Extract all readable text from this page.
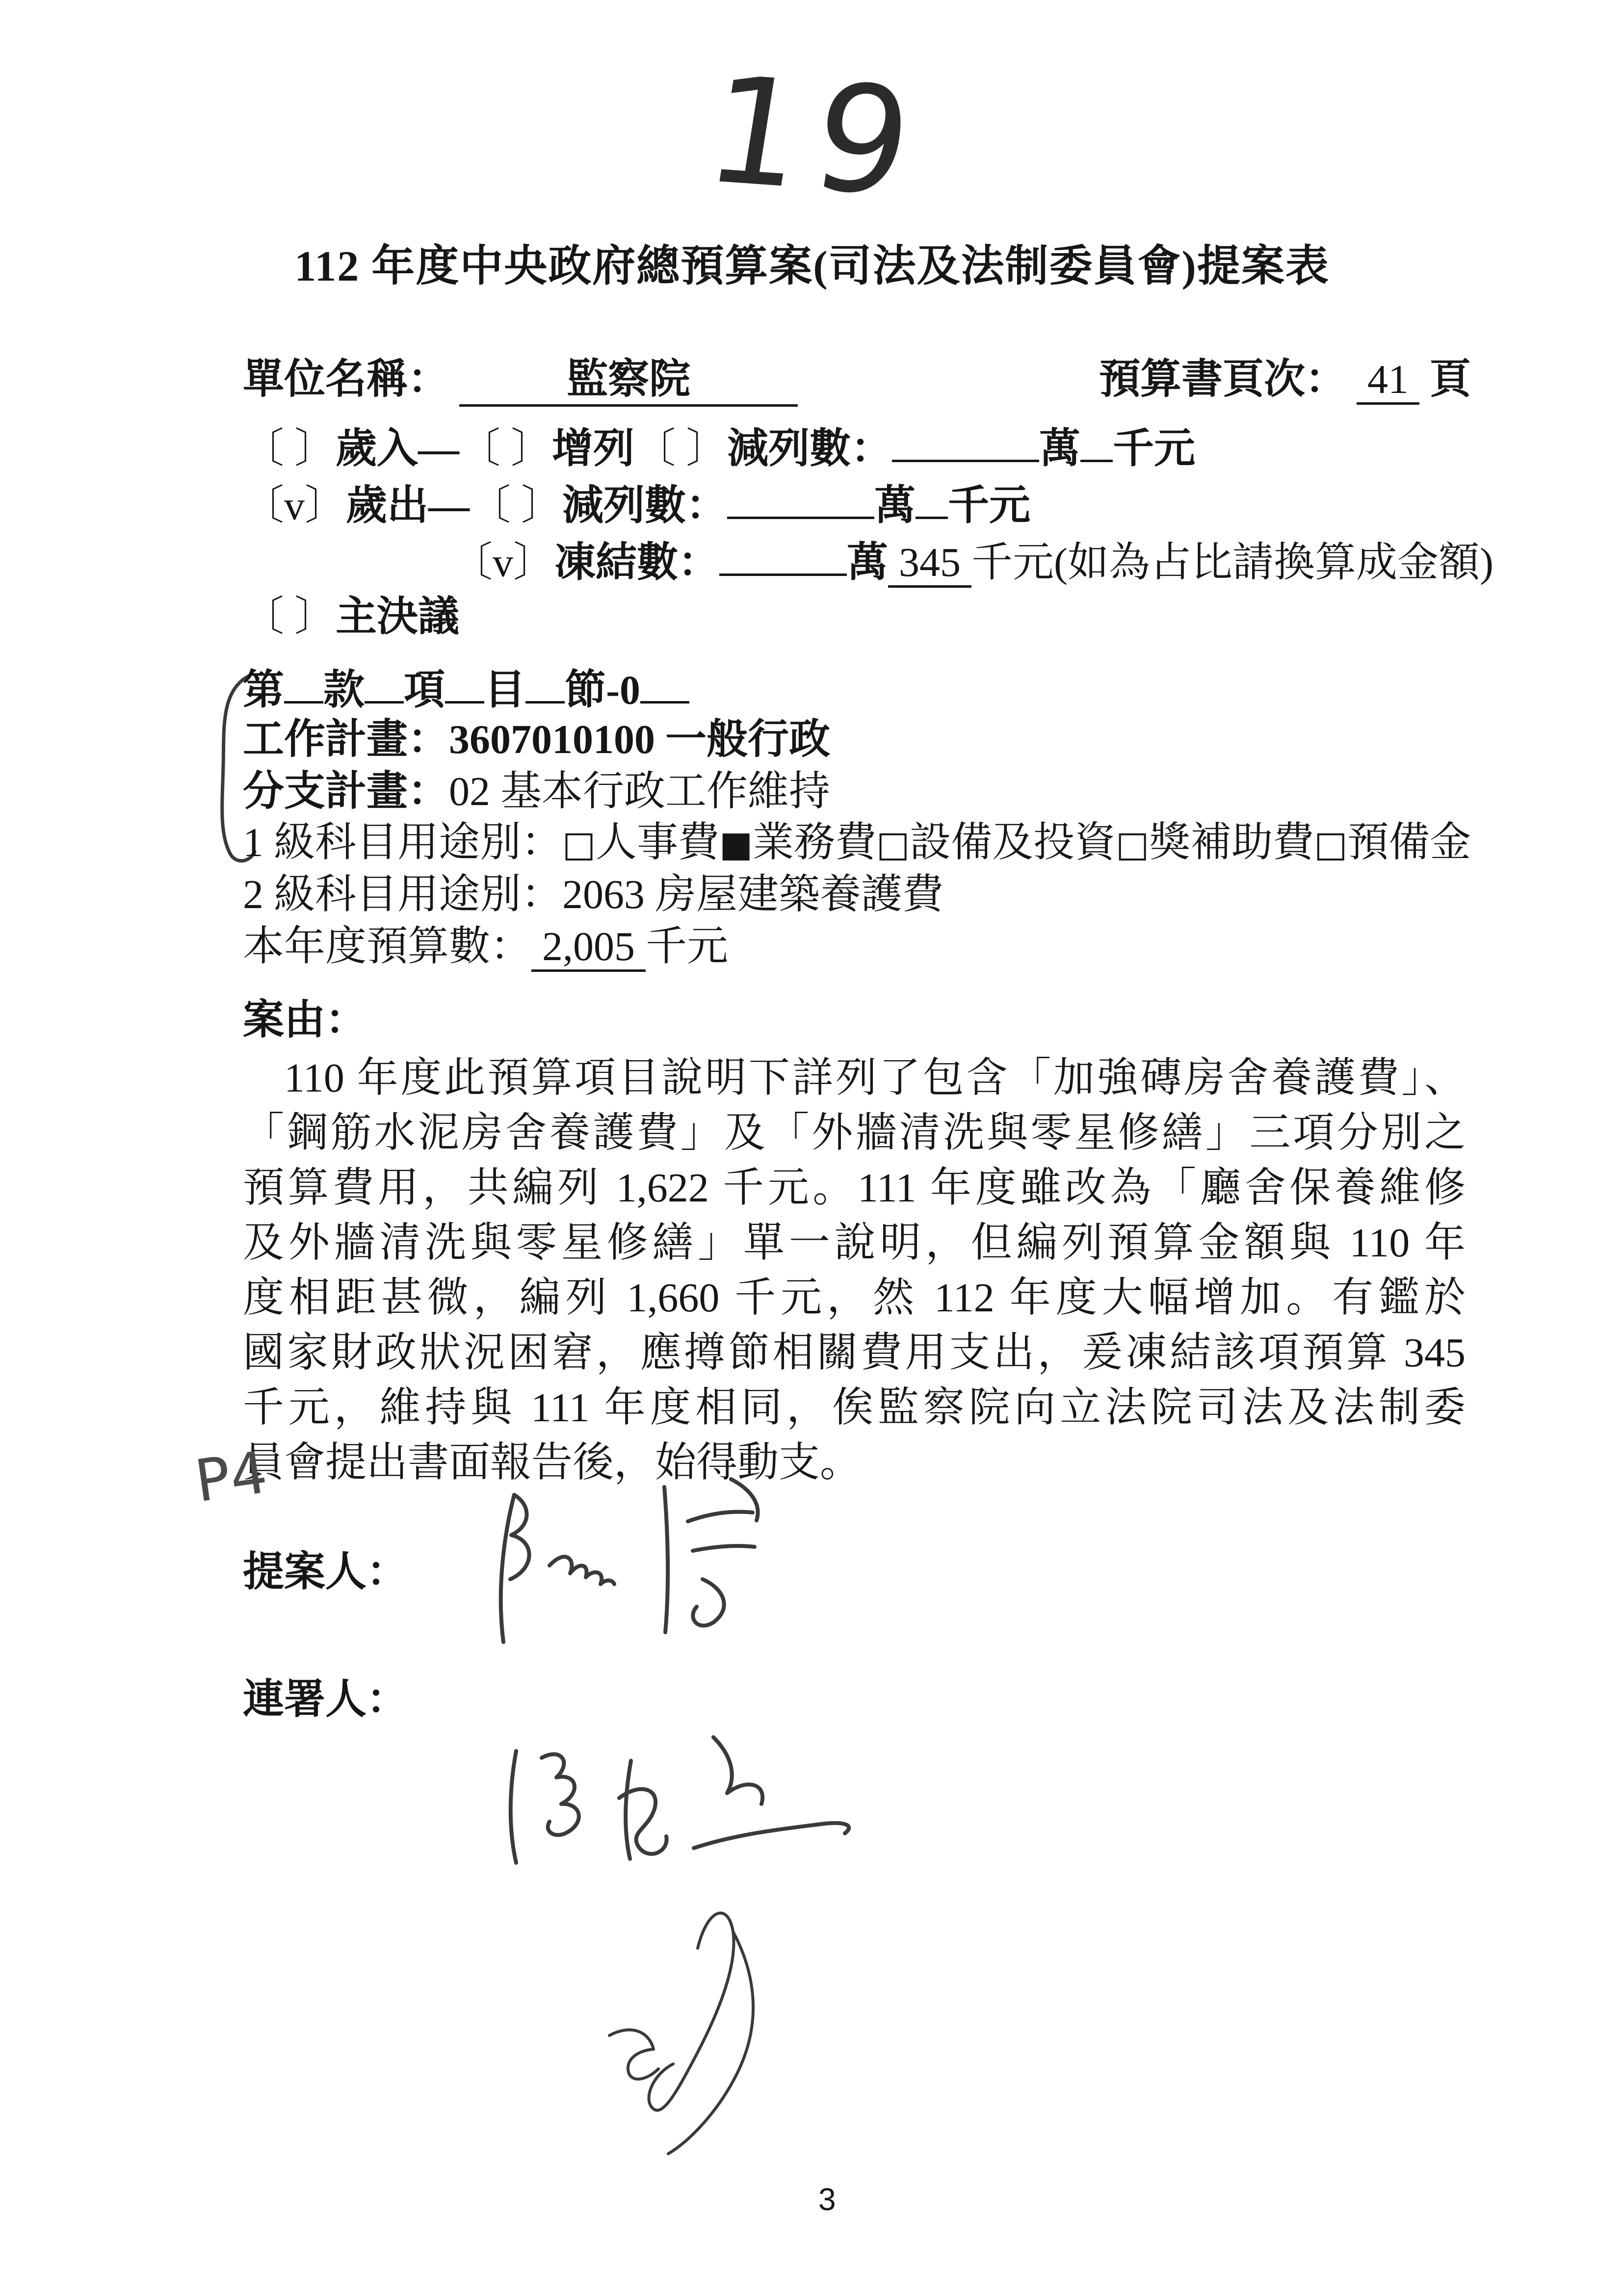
19
112 年度中央政府總預算案(司法及法制委員會)提案表
單位名稱：	監察院	預算書頁次： 41 頁
〔 〕歲入—〔 〕增列〔 〕減列數：	萬 千元
〔v〕歲出—〔 〕減列數：	萬 千元
〔v〕凍結數：	萬 345 千元(如為占比請換算成金額)
〔 〕主決議
第 款 項 目 節-0
工作計畫：3607010100 一般行政
分支計畫：02 基本行政工作維持
1 級科目用途別：□人事費■業務費□設備及投資□獎補助費□預備金
2 級科目用途別：2063 房屋建築養護費
本年度預算數： 2,005 千元
案由：
110 年度此預算項目說明下詳列了包含「加強磚房舍養護費」、
「鋼筋水泥房舍養護費」及「外牆清洗與零星修繕」三項分別之
預算費用，共編列 1,622 千元。111 年度雖改為「廳舍保養維修
及外牆清洗與零星修繕」單一說明，但編列預算金額與 110 年
度相距甚微，編列 1,660 千元，然 112 年度大幅增加。有鑑於
國家財政狀況困窘，應撙節相關費用支出，爰凍結該項預算 345
千元，維持與 111 年度相同，俟監察院向立法院司法及法制委
員會提出書面報告後，始得動支。
P4
提案人：
連署人：
3
